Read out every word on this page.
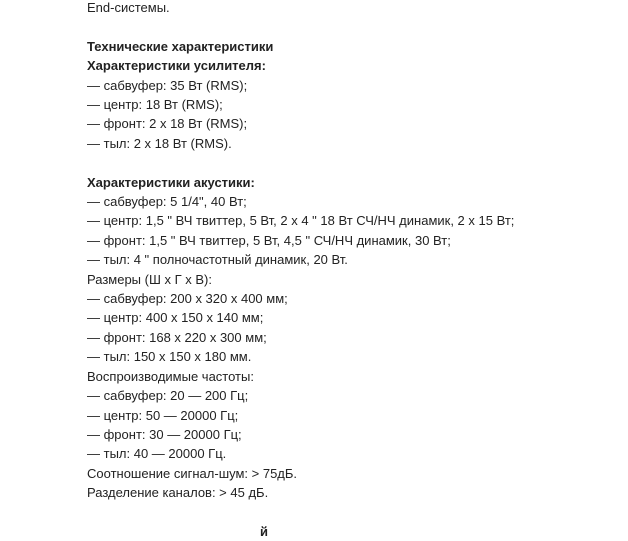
End-системы.
Технические характеристики
Характеристики усилителя:
— сабвуфер: 35 Вт (RMS);
— центр: 18 Вт (RMS);
— фронт: 2 х 18 Вт (RMS);
— тыл: 2 х 18 Вт (RMS).
Характеристики акустики:
— сабвуфер: 5 1/4", 40 Вт;
— центр: 1,5 " ВЧ твиттер, 5 Вт, 2 х 4 " 18 Вт СЧ/НЧ динамик, 2 х 15 Вт;
— фронт: 1,5 " ВЧ твиттер, 5 Вт, 4,5 " СЧ/НЧ динамик, 30 Вт;
— тыл: 4 " полночастотный динамик, 20 Вт.
Размеры (Ш х Г х В):
— сабвуфер: 200 х 320 х 400 мм;
— центр: 400 х 150 х 140 мм;
— фронт: 168 х 220 х 300 мм;
— тыл: 150 х 150 х 180 мм.
Воспроизводимые частоты:
— сабвуфер: 20 — 200 Гц;
— центр: 50 — 20000 Гц;
— фронт: 30 — 20000 Гц;
— тыл: 40 — 20000 Гц.
Соотношение сигнал-шум: > 75дБ.
Разделение каналов: > 45 дБ.
й
